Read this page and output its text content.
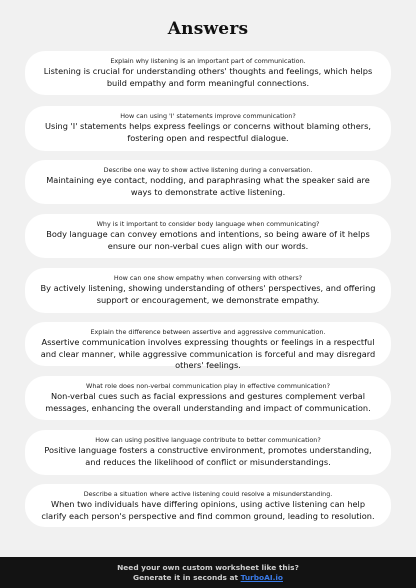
Answers
Explain why listening is an important part of communication.
Listening is crucial for understanding others' thoughts and feelings, which helps build empathy and form meaningful connections.
How can using 'I' statements improve communication?
Using 'I' statements helps express feelings or concerns without blaming others, fostering open and respectful dialogue.
Describe one way to show active listening during a conversation.
Maintaining eye contact, nodding, and paraphrasing what the speaker said are ways to demonstrate active listening.
Why is it important to consider body language when communicating?
Body language can convey emotions and intentions, so being aware of it helps ensure our non-verbal cues align with our words.
How can one show empathy when conversing with others?
By actively listening, showing understanding of others' perspectives, and offering support or encouragement, we demonstrate empathy.
Explain the difference between assertive and aggressive communication.
Assertive communication involves expressing thoughts or feelings in a respectful and clear manner, while aggressive communication is forceful and may disregard others' feelings.
What role does non-verbal communication play in effective communication?
Non-verbal cues such as facial expressions and gestures complement verbal messages, enhancing the overall understanding and impact of communication.
How can using positive language contribute to better communication?
Positive language fosters a constructive environment, promotes understanding, and reduces the likelihood of conflict or misunderstandings.
Describe a situation where active listening could resolve a misunderstanding.
When two individuals have differing opinions, using active listening can help clarify each person's perspective and find common ground, leading to resolution.
Need your own custom worksheet like this?
Generate it in seconds at TurboAI.io
